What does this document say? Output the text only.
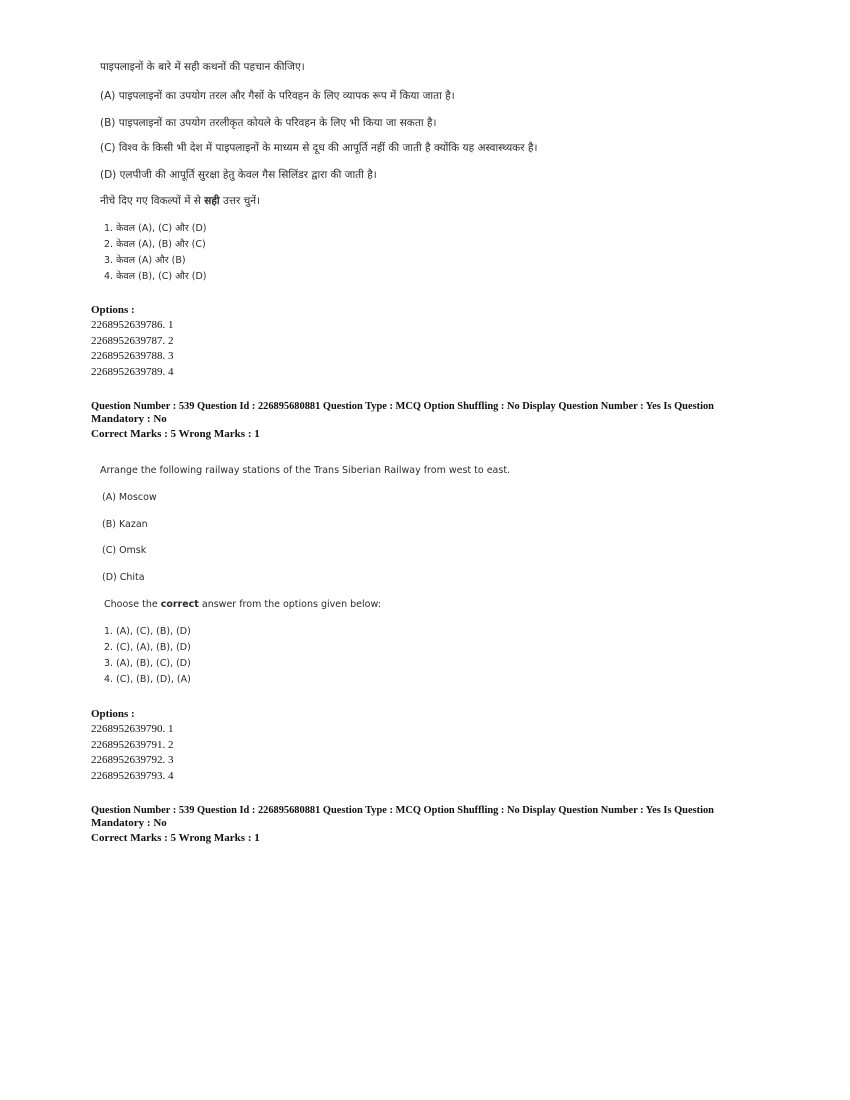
पाइपलाइनों के बारे में सही कथनों की पहचान कीजिए।
(A) पाइपलाइनों का उपयोग तरल और गैसों के परिवहन के लिए व्यापक रूप में किया जाता है।
(B) पाइपलाइनों का उपयोग तरलीकृत कोयले के परिवहन के लिए भी किया जा सकता है।
(C) विश्व के किसी भी देश में पाइपलाइनों के माध्यम से दूध की आपूर्ति नहीं की जाती है क्योंकि यह अस्वास्थ्यकर है।
(D) एलपीजी की आपूर्ति सुरक्षा हेतु केवल गैस सिलिंडर द्वारा की जाती है।
नीचे दिए गए विकल्पों में से सही उत्तर चुनें।
1. केवल (A), (C) और (D)
2. केवल (A), (B) और (C)
3. केवल (A) और (B)
4. केवल (B), (C) और (D)
Options :
2268952639786. 1
2268952639787. 2
2268952639788. 3
2268952639789. 4
Question Number : 539 Question Id : 226895680881 Question Type : MCQ Option Shuffling : No Display Question Number : Yes Is Question
Mandatory : No
Correct Marks : 5 Wrong Marks : 1
Arrange the following railway stations of the Trans Siberian Railway from west to east.
(A) Moscow
(B) Kazan
(C) Omsk
(D) Chita
Choose the correct answer from the options given below:
1. (A), (C), (B), (D)
2. (C), (A), (B), (D)
3. (A), (B), (C), (D)
4. (C), (B), (D), (A)
Options :
2268952639790. 1
2268952639791. 2
2268952639792. 3
2268952639793. 4
Question Number : 539 Question Id : 226895680881 Question Type : MCQ Option Shuffling : No Display Question Number : Yes Is Question
Mandatory : No
Correct Marks : 5 Wrong Marks : 1
